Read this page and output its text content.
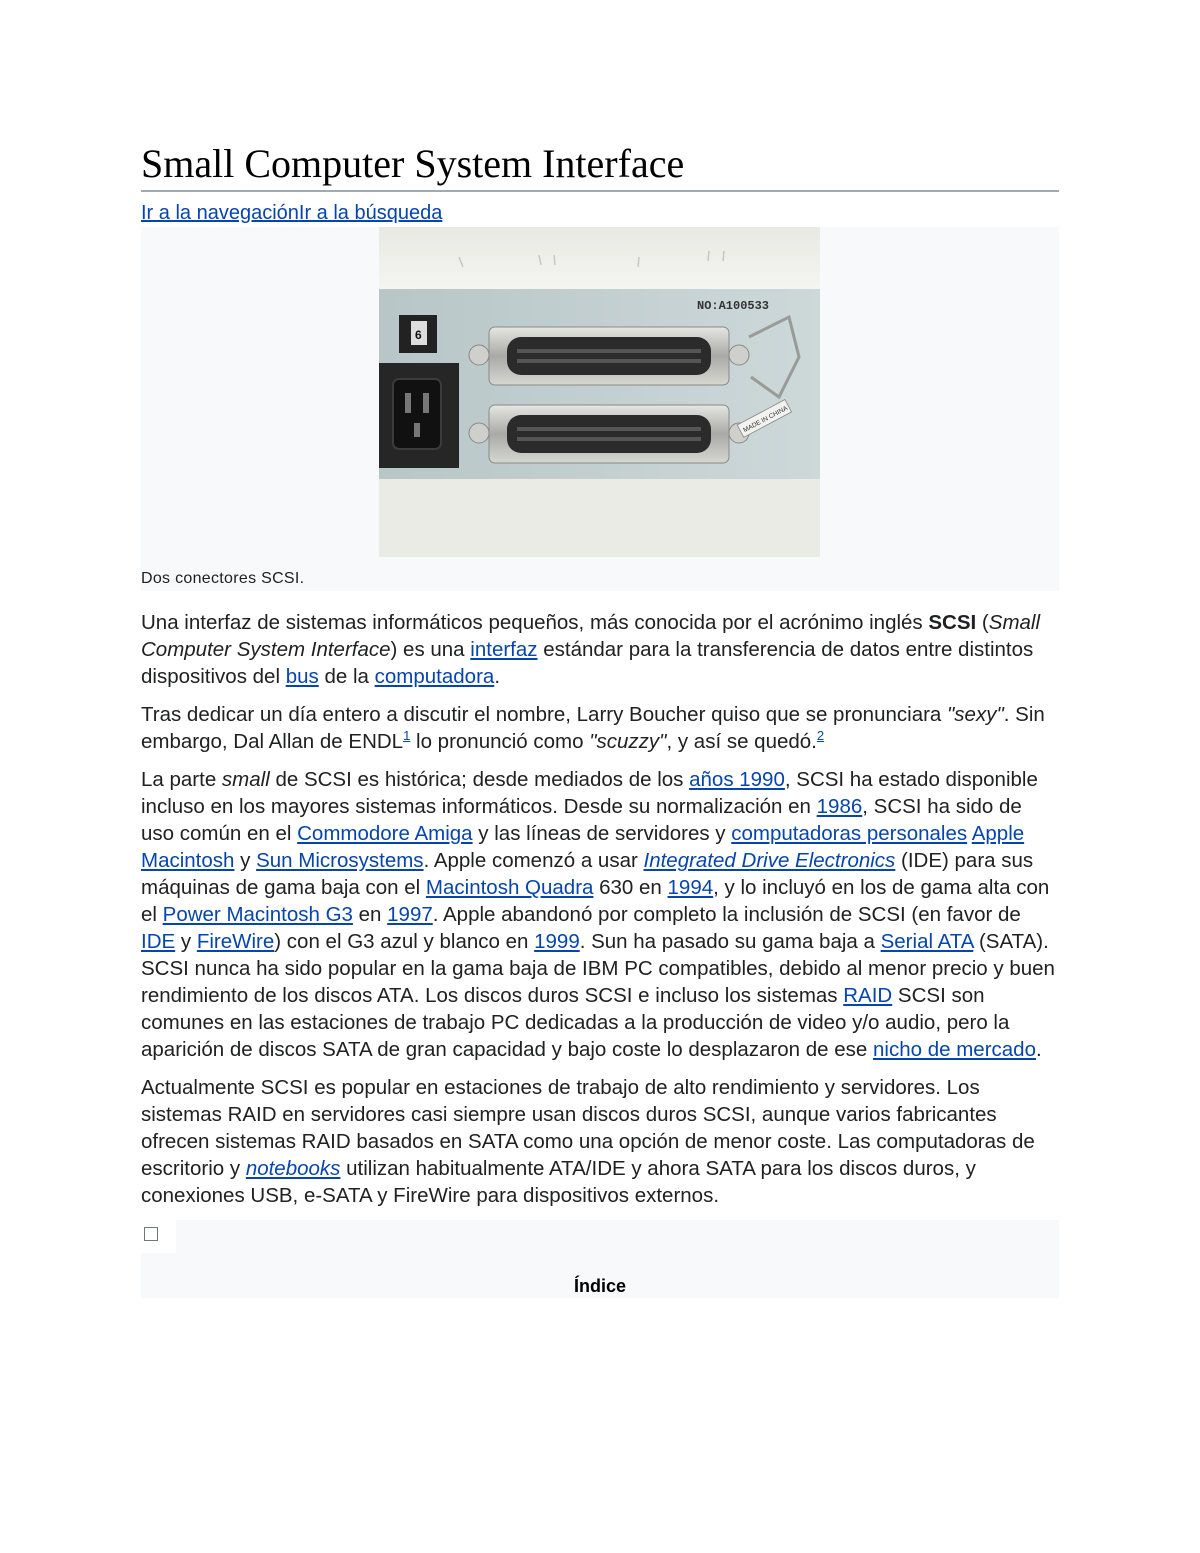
Small Computer System Interface
Ir a la navegaciónIr a la búsqueda
NO:A100533
6
MADE IN CHINA
Dos conectores SCSI.

Una interfaz de sistemas informáticos pequeños, más conocida por el acrónimo inglés SCSI (Small Computer System Interface) es una interfaz estándar para la transferencia de datos entre distintos dispositivos del bus de la computadora.

Tras dedicar un día entero a discutir el nombre, Larry Boucher quiso que se pronunciara "sexy". Sin embargo, Dal Allan de ENDL$^1$ lo pronunció como "scuzzy", y así se quedó.$^2$

La parte small de SCSI es histórica; desde mediados de los años 1990, SCSI ha estado disponible incluso en los mayores sistemas informáticos. Desde su normalización en 1986, SCSI ha sido de uso común en el Commodore Amiga y las líneas de servidores y computadoras personales Apple Macintosh y Sun Microsystems. Apple comenzó a usar Integrated Drive Electronics (IDE) para sus máquinas de gama baja con el Macintosh Quadra 630 en 1994, y lo incluyó en los de gama alta con el Power Macintosh G3 en 1997. Apple abandonó por completo la inclusión de SCSI (en favor de IDE y FireWire) con el G3 azul y blanco en 1999. Sun ha pasado su gama baja a Serial ATA (SATA). SCSI nunca ha sido popular en la gama baja de IBM PC compatibles, debido al menor precio y buen rendimiento de los discos ATA. Los discos duros SCSI e incluso los sistemas RAID SCSI son comunes en las estaciones de trabajo PC dedicadas a la producción de video y/o audio, pero la aparición de discos SATA de gran capacidad y bajo coste lo desplazaron de ese nicho de mercado.

Actualmente SCSI es popular en estaciones de trabajo de alto rendimiento y servidores. Los sistemas RAID en servidores casi siempre usan discos duros SCSI, aunque varios fabricantes ofrecen sistemas RAID basados en SATA como una opción de menor coste. Las computadoras de escritorio y notebooks utilizan habitualmente ATA/IDE y ahora SATA para los discos duros, y conexiones USB, e-SATA y FireWire para dispositivos externos.

Índice
